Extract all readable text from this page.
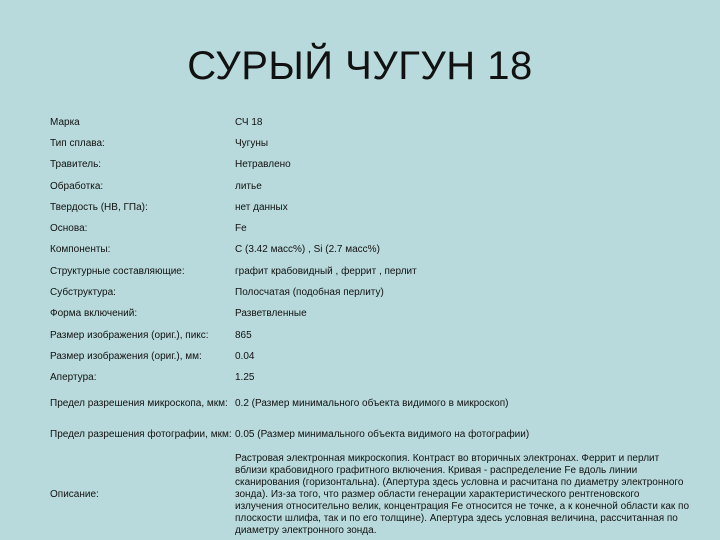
СУРЫЙ ЧУГУН 18
Марка	СЧ 18
Тип сплава:	Чугуны
Травитель:	Нетравлено
Обработка:	литье
Твердость (HB, ГПа):	нет данных
Основа:	Fe
Компоненты:	C (3.42 масс%) , Si (2.7 масс%)
Структурные составляющие:	графит крабовидный , феррит , перлит
Субструктура:	Полосчатая (подобная перлиту)
Форма включений:	Разветвленные
Размер изображения (ориг.), пикс:	865
Размер изображения (ориг.), мм:	0.04
Апертура:	1.25
Предел разрешения микроскопа, мкм: 0.2 (Размер минимального объекта видимого в микроскоп)
Предел разрешения фотографии, мкм: 0.05 (Размер минимального объекта видимого на фотографии)
Описание:
Растровая электронная микроскопия. Контраст во вторичных электронах. Феррит и перлит вблизи крабовидного графитного включения. Кривая - распределение Fe вдоль линии сканирования (горизонтальна). (Апертура здесь условна и расчитана по диаметру электронного зонда). Из-за того, что размер области генерации характеристического рентгеновского излучения относительно велик, концентрация Fe относится не точке, а к конечной области как по плоскости шлифа, так и по его толщине). Апертура здесь условная величина, рассчитанная по диаметру электронного зонда.
